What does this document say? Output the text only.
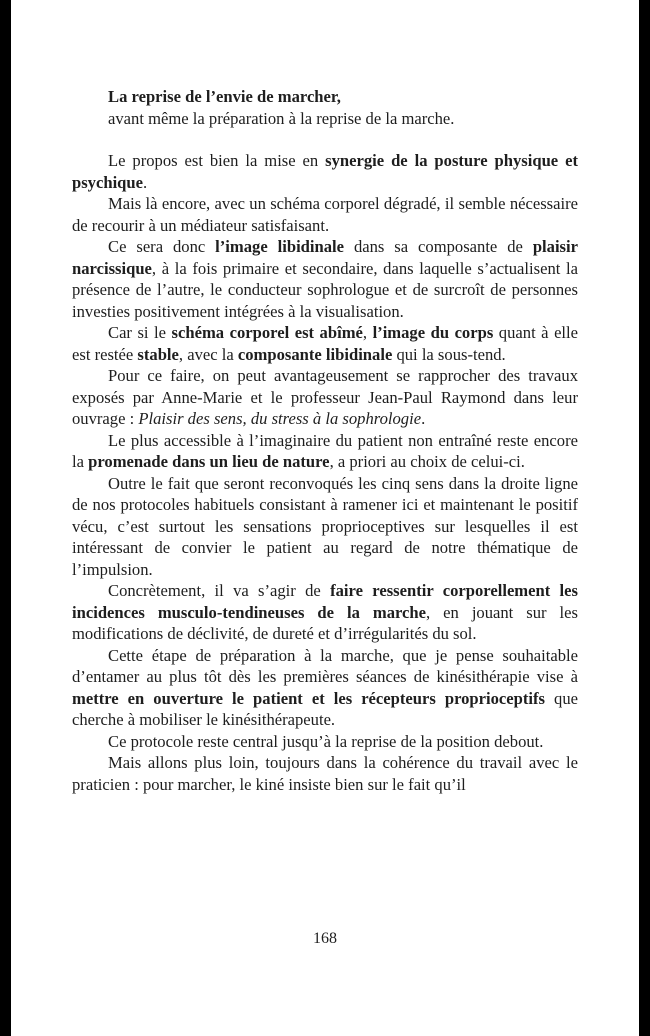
La reprise de l’envie de marcher,
avant même la préparation à la reprise de la marche.

Le propos est bien la mise en synergie de la posture physique et psychique.

Mais là encore, avec un schéma corporel dégradé, il semble nécessaire de recourir à un médiateur satisfaisant.

Ce sera donc l’image libidinale dans sa composante de plaisir narcissique, à la fois primaire et secondaire, dans laquelle s’actualisent la présence de l’autre, le conducteur sophrologue et de surcroît de personnes investies positivement intégrées à la visualisation.

Car si le schéma corporel est abîmé, l’image du corps quant à elle est restée stable, avec la composante libidinale qui la sous-tend.

Pour ce faire, on peut avantageusement se rapprocher des travaux exposés par Anne-Marie et le professeur Jean-Paul Raymond dans leur ouvrage : Plaisir des sens, du stress à la sophrologie.

Le plus accessible à l’imaginaire du patient non entraîné reste encore la promenade dans un lieu de nature, a priori au choix de celui-ci.

Outre le fait que seront reconvoqués les cinq sens dans la droite ligne de nos protocoles habituels consistant à ramener ici et maintenant le positif vécu, c’est surtout les sensations proprioceptives sur lesquelles il est intéressant de convier le patient au regard de notre thématique de l’impulsion.

Concrètement, il va s’agir de faire ressentir corporellement les incidences musculo-tendineuses de la marche, en jouant sur les modifications de déclivité, de dureté et d’irrégularités du sol.

Cette étape de préparation à la marche, que je pense souhaitable d’entamer au plus tôt dès les premières séances de kinésithérapie vise à mettre en ouverture le patient et les récepteurs proprioceptifs que cherche à mobiliser le kinésithérapeute.

Ce protocole reste central jusqu’à la reprise de la position debout.

Mais allons plus loin, toujours dans la cohérence du travail avec le praticien : pour marcher, le kiné insiste bien sur le fait qu’il

168
